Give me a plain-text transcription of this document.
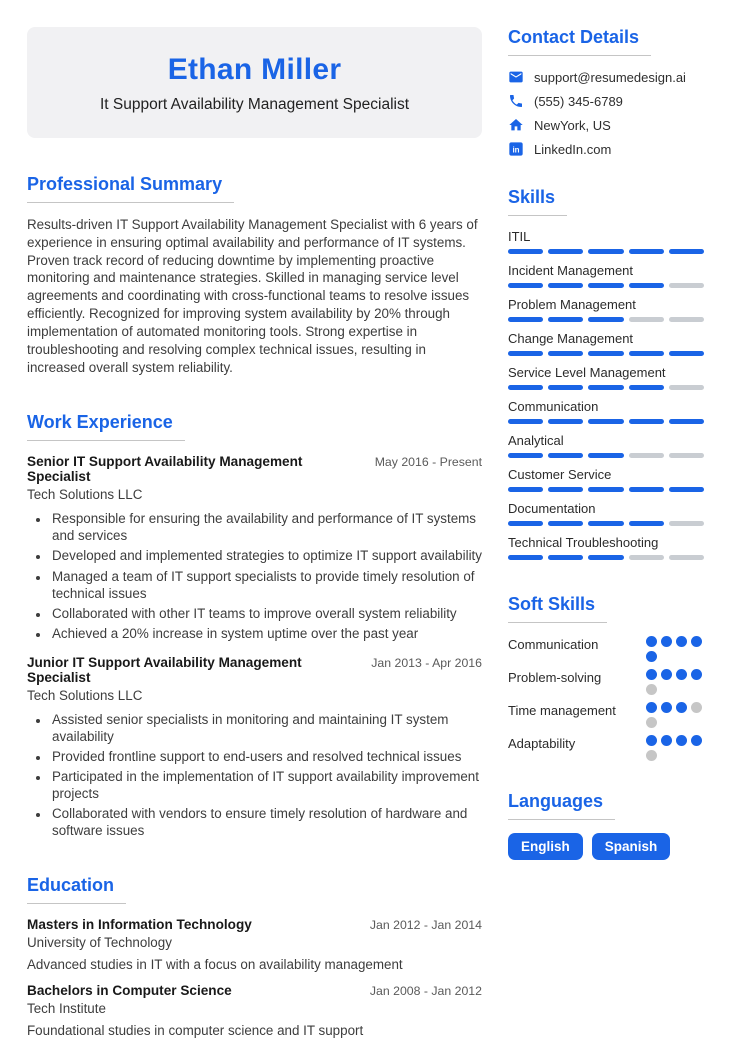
Ethan Miller
It Support Availability Management Specialist
Professional Summary

Results-driven IT Support Availability Management Specialist with 6 years of experience in ensuring optimal availability and performance of IT systems. Proven track record of reducing downtime by implementing proactive monitoring and maintenance strategies. Skilled in managing service level agreements and coordinating with cross-functional teams to resolve issues efficiently. Recognized for improving system availability by 20% through implementation of automated monitoring tools. Strong expertise in troubleshooting and resolving complex technical issues, resulting in increased overall system reliability.

Work Experience
Senior IT Support Availability Management Specialist
May 2016 - Present
Tech Solutions LLC
• Responsible for ensuring the availability and performance of IT systems and services
• Developed and implemented strategies to optimize IT support availability
• Managed a team of IT support specialists to provide timely resolution of technical issues
• Collaborated with other IT teams to improve overall system reliability
• Achieved a 20% increase in system uptime over the past year
Junior IT Support Availability Management Specialist
Jan 2013 - Apr 2016
Tech Solutions LLC
• Assisted senior specialists in monitoring and maintaining IT system availability
• Provided frontline support to end-users and resolved technical issues
• Participated in the implementation of IT support availability improvement projects
• Collaborated with vendors to ensure timely resolution of hardware and software issues
Education
Masters in Information Technology	Jan 2012 - Jan 2014
University of Technology
Advanced studies in IT with a focus on availability management
Bachelors in Computer Science	Jan 2008 - Jan 2012
Tech Institute
Foundational studies in computer science and IT support
Contact Details
support@resumedesign.ai
(555) 345-6789
NewYork, US
in LinkedIn.com
Skills
ITIL
Incident Management
Problem Management
Change Management
Service Level Management
Communication
Analytical
Customer Service
Documentation
Technical Troubleshooting
Soft Skills
Communication
Problem-solving
Time management
Adaptability
Languages
English	Spanish
